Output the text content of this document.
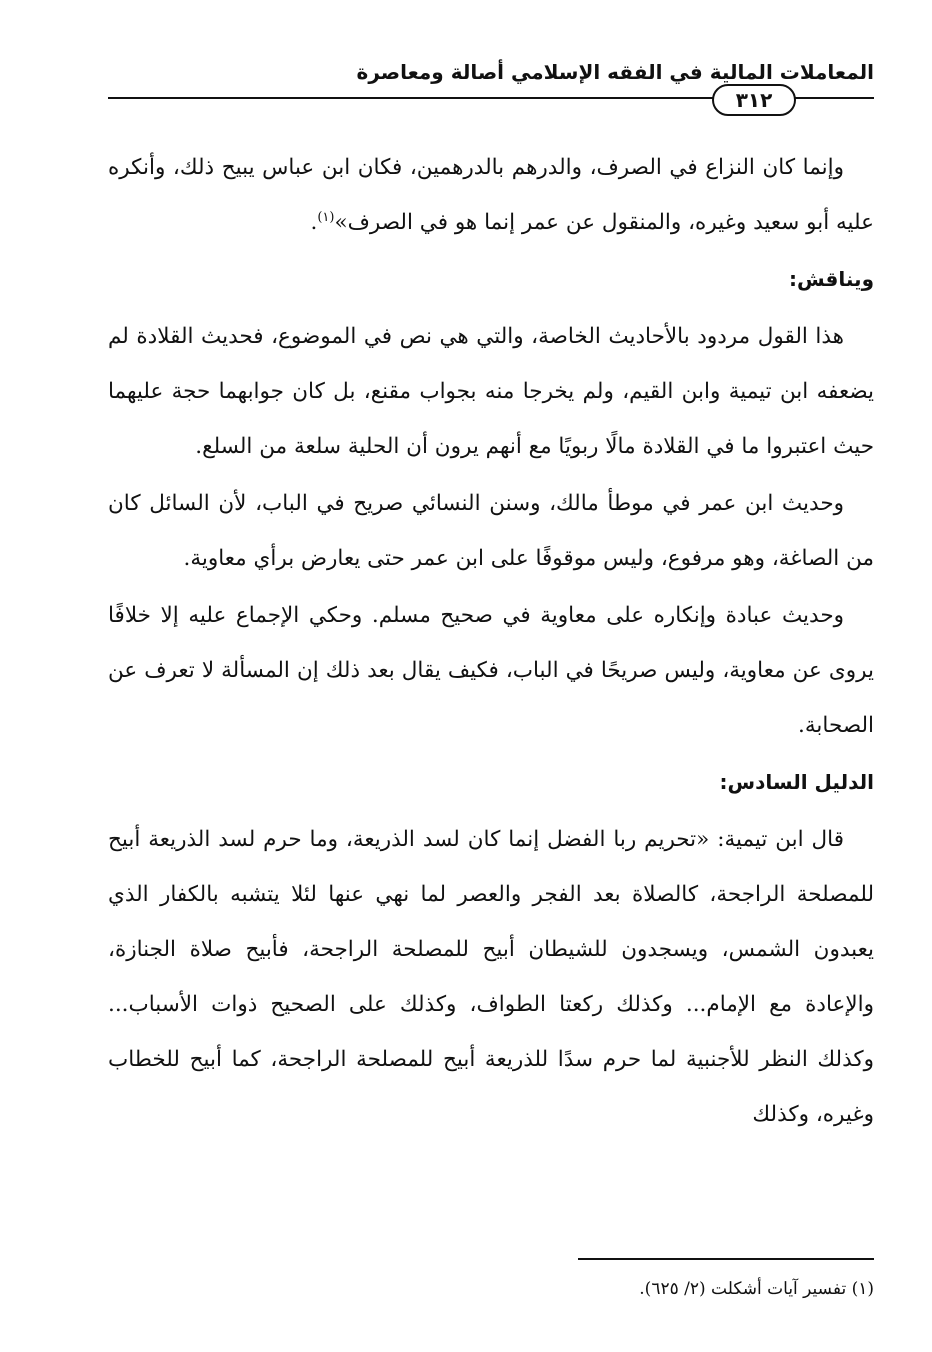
المعاملات المالية في الفقه الإسلامي أصالة ومعاصرة
٣١٢

وإنما كان النزاع في الصرف، والدرهم بالدرهمين، فكان ابن عباس يبيح ذلك، وأنكره عليه أبو سعيد وغيره، والمنقول عن عمر إنما هو في الصرف»$^{(١)}$.

ويناقش:

هذا القول مردود بالأحاديث الخاصة، والتي هي نص في الموضوع، فحديث القلادة لم يضعفه ابن تيمية وابن القيم، ولم يخرجا منه بجواب مقنع، بل كان جوابهما حجة عليهما حيث اعتبروا ما في القلادة مالًا ربويًا مع أنهم يرون أن الحلية سلعة من السلع.

وحديث ابن عمر في موطأ مالك، وسنن النسائي صريح في الباب، لأن السائل كان من الصاغة، وهو مرفوع، وليس موقوفًا على ابن عمر حتى يعارض برأي معاوية.

وحديث عبادة وإنكاره على معاوية في صحيح مسلم. وحكي الإجماع عليه إلا خلافًا يروى عن معاوية، وليس صريحًا في الباب، فكيف يقال بعد ذلك إن المسألة لا تعرف عن الصحابة.

الدليل السادس:

قال ابن تيمية: «تحريم ربا الفضل إنما كان لسد الذريعة، وما حرم لسد الذريعة أبيح للمصلحة الراجحة، كالصلاة بعد الفجر والعصر لما نهي عنها لئلا يتشبه بالكفار الذي يعبدون الشمس، ويسجدون للشيطان أبيح للمصلحة الراجحة، فأبيح صلاة الجنازة، والإعادة مع الإمام... وكذلك ركعتا الطواف، وكذلك على الصحيح ذوات الأسباب... وكذلك النظر للأجنبية لما حرم سدًا للذريعة أبيح للمصلحة الراجحة، كما أبيح للخطاب وغيره، وكذلك

(١) تفسير آيات أشكلت (٢/ ٦٢٥).
